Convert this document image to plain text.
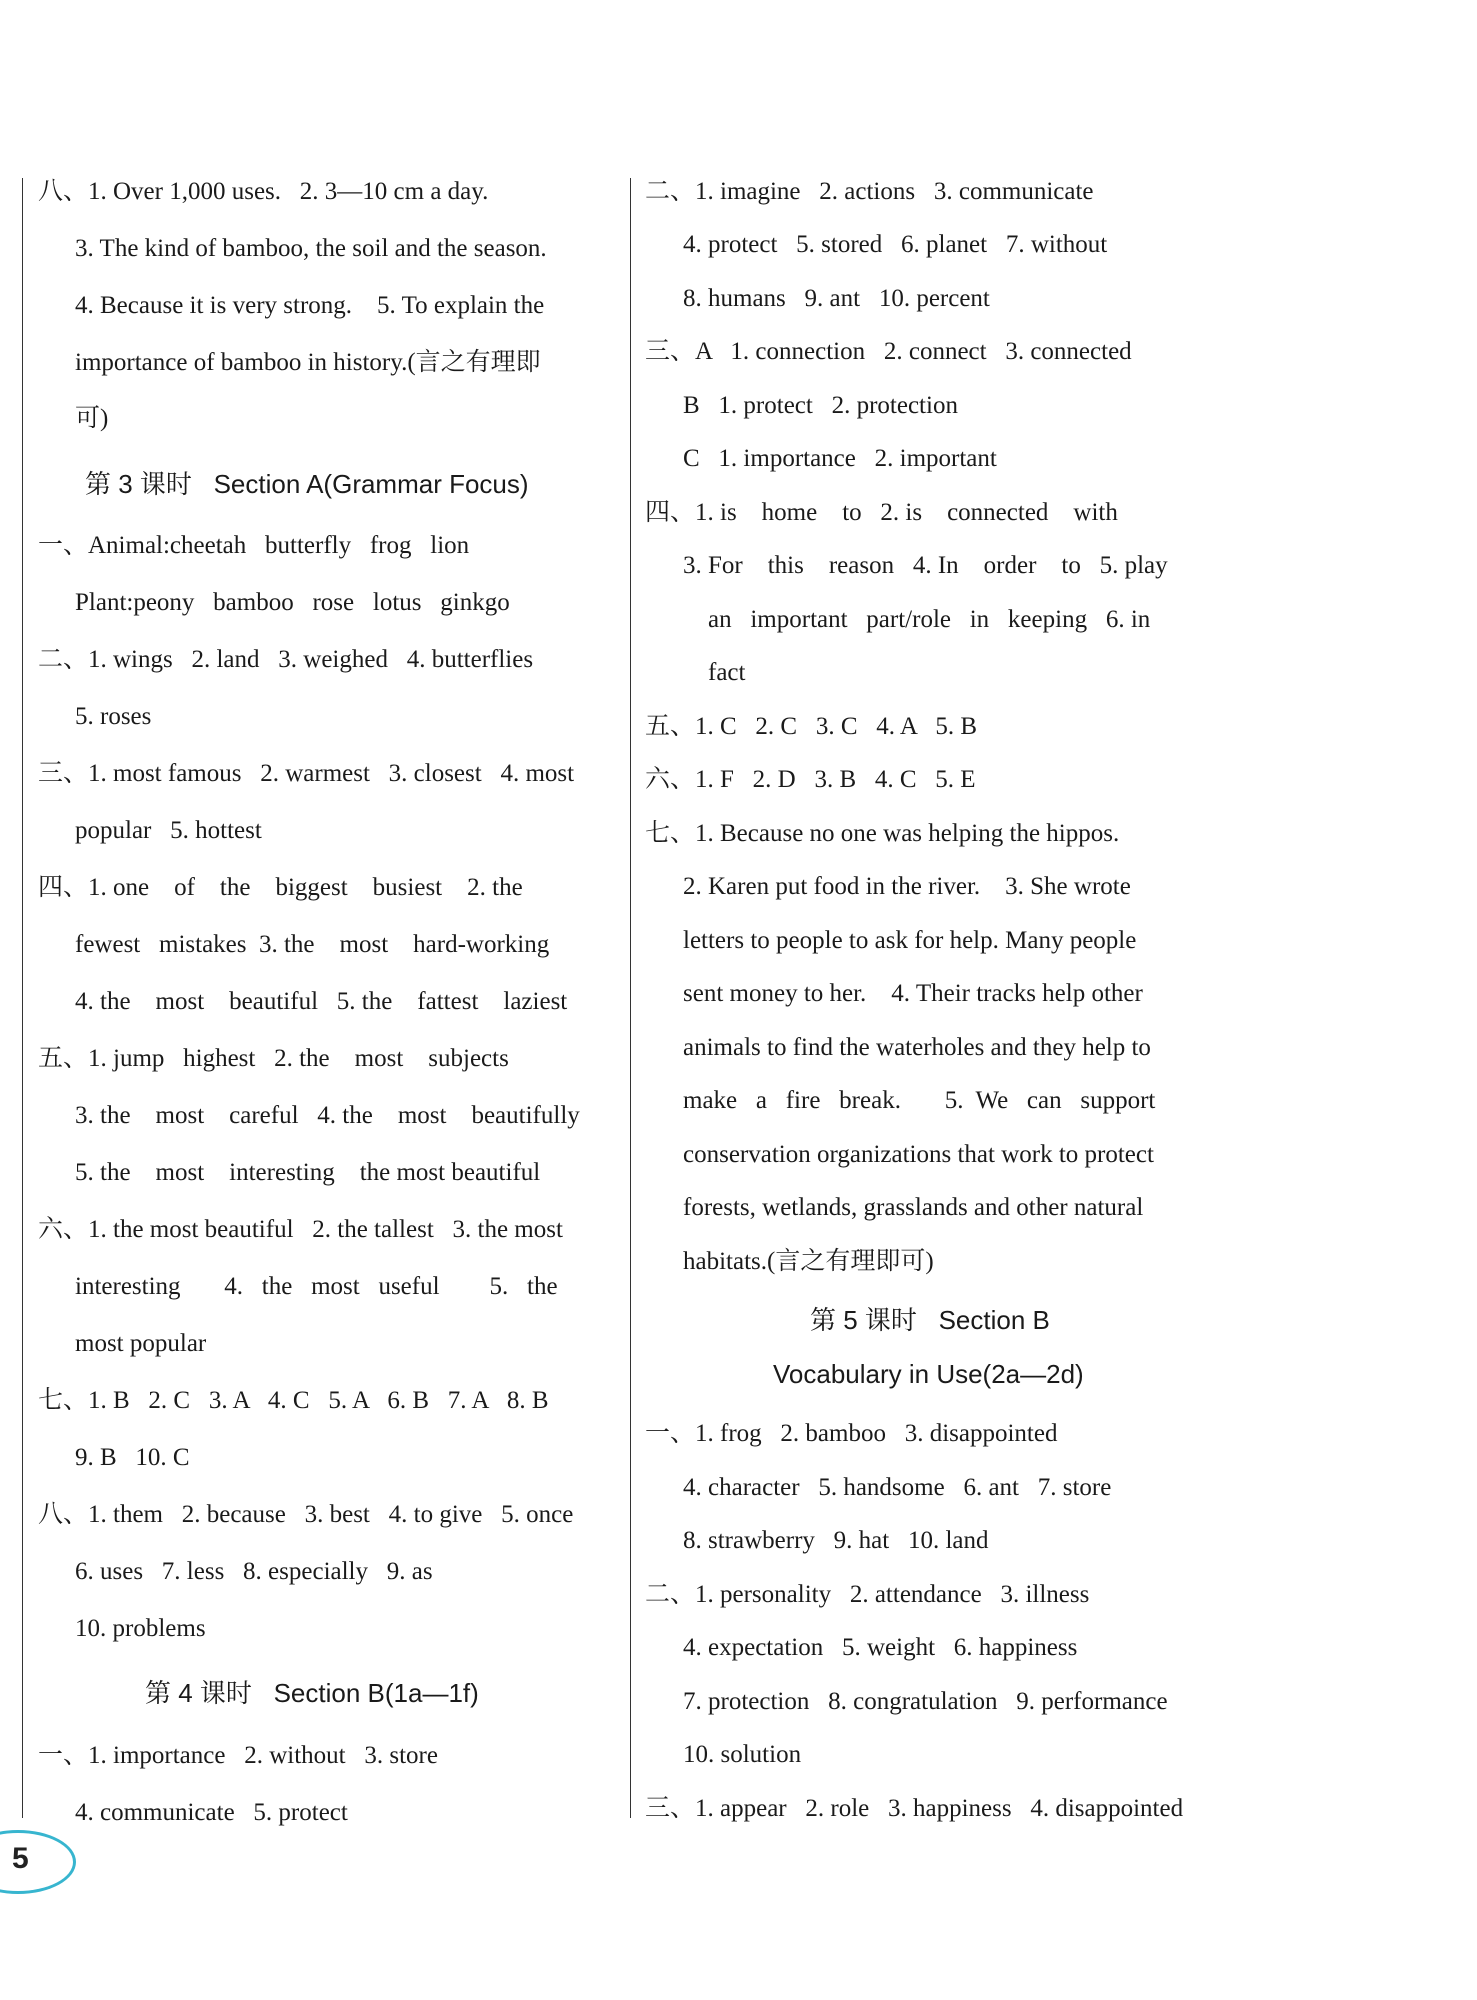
八、1. Over 1,000 uses.   2. 3—10 cm a day.
3. The kind of bamboo, the soil and the season.
4. Because it is very strong.    5. To explain the
importance of bamboo in history.(言之有理即
可)
第 3 课时   Section A(Grammar Focus)
一、Animal:cheetah   butterfly   frog   lion
Plant:peony   bamboo   rose   lotus   ginkgo
二、1. wings   2. land   3. weighed   4. butterflies
5. roses
三、1. most famous   2. warmest   3. closest   4. most
popular   5. hottest
四、1. one    of    the    biggest    busiest    2. the
fewest   mistakes  3. the    most    hard-working
4. the    most    beautiful   5. the    fattest    laziest
五、1. jump   highest   2. the    most    subjects
3. the    most    careful   4. the    most    beautifully
5. the    most    interesting    the most beautiful
六、1. the most beautiful   2. the tallest   3. the most
interesting       4.   the   most   useful        5.   the
most popular
七、1. B   2. C   3. A   4. C   5. A   6. B   7. A   8. B
9. B   10. C
八、1. them   2. because   3. best   4. to give   5. once
6. uses   7. less   8. especially   9. as
10. problems
第 4 课时   Section B(1a—1f)
一、1. importance   2. without   3. store
4. communicate   5. protect
二、1. imagine   2. actions   3. communicate
4. protect   5. stored   6. planet   7. without
8. humans   9. ant   10. percent
三、A   1. connection   2. connect   3. connected
B   1. protect   2. protection
C   1. importance   2. important
四、1. is    home    to   2. is    connected    with
3. For    this    reason   4. In    order    to   5. play
an   important   part/role   in   keeping   6. in
fact
五、1. C   2. C   3. C   4. A   5. B
六、1. F   2. D   3. B   4. C   5. E
七、1. Because no one was helping the hippos.
2. Karen put food in the river.    3. She wrote
letters to people to ask for help. Many people
sent money to her.    4. Their tracks help other
animals to find the waterholes and they help to
make   a   fire   break.       5.  We   can   support
conservation organizations that work to protect
forests, wetlands, grasslands and other natural
habitats.(言之有理即可)
第 5 课时   Section B
Vocabulary in Use(2a—2d)
一、1. frog   2. bamboo   3. disappointed
4. character   5. handsome   6. ant   7. store
8. strawberry   9. hat   10. land
二、1. personality   2. attendance   3. illness
4. expectation   5. weight   6. happiness
7. protection   8. congratulation   9. performance
10. solution
三、1. appear   2. role   3. happiness   4. disappointed
5
